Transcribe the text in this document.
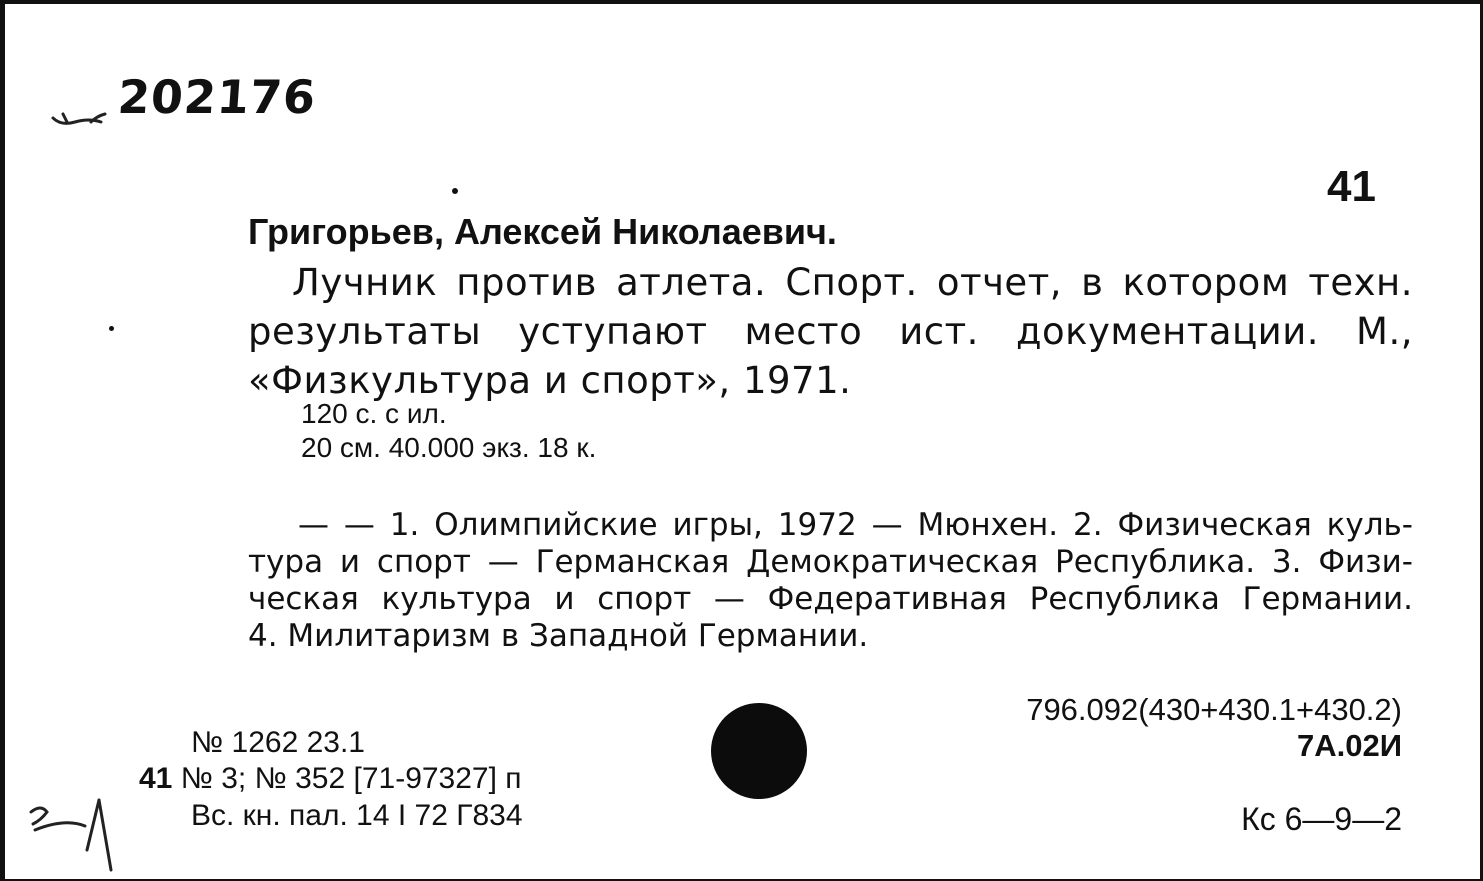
202176
41
Григорьев, Алексей Николаевич.
Лучник против атлета. Спорт. отчет, в котором техн.
результаты уступают место ист. документации. М.,
«Физкультура и спорт», 1971.
120 с. с ил.
20 см. 40.000 экз. 18 к.
— — 1. Олимпийские игры, 1972 — Мюнхен. 2. Физическая куль-
тура и спорт — Германская Демократическая Республика. 3. Физи-
ческая культура и спорт — Федеративная Республика Германии.
4. Милитаризм в Западной Германии.
№ 1262 23.1
41 № 3; № 352 [71-97327] п
Вс. кн. пал. 14 I 72 Г834
796.092(430+430.1+430.2)
7А.02И
Кс 6—9—2
